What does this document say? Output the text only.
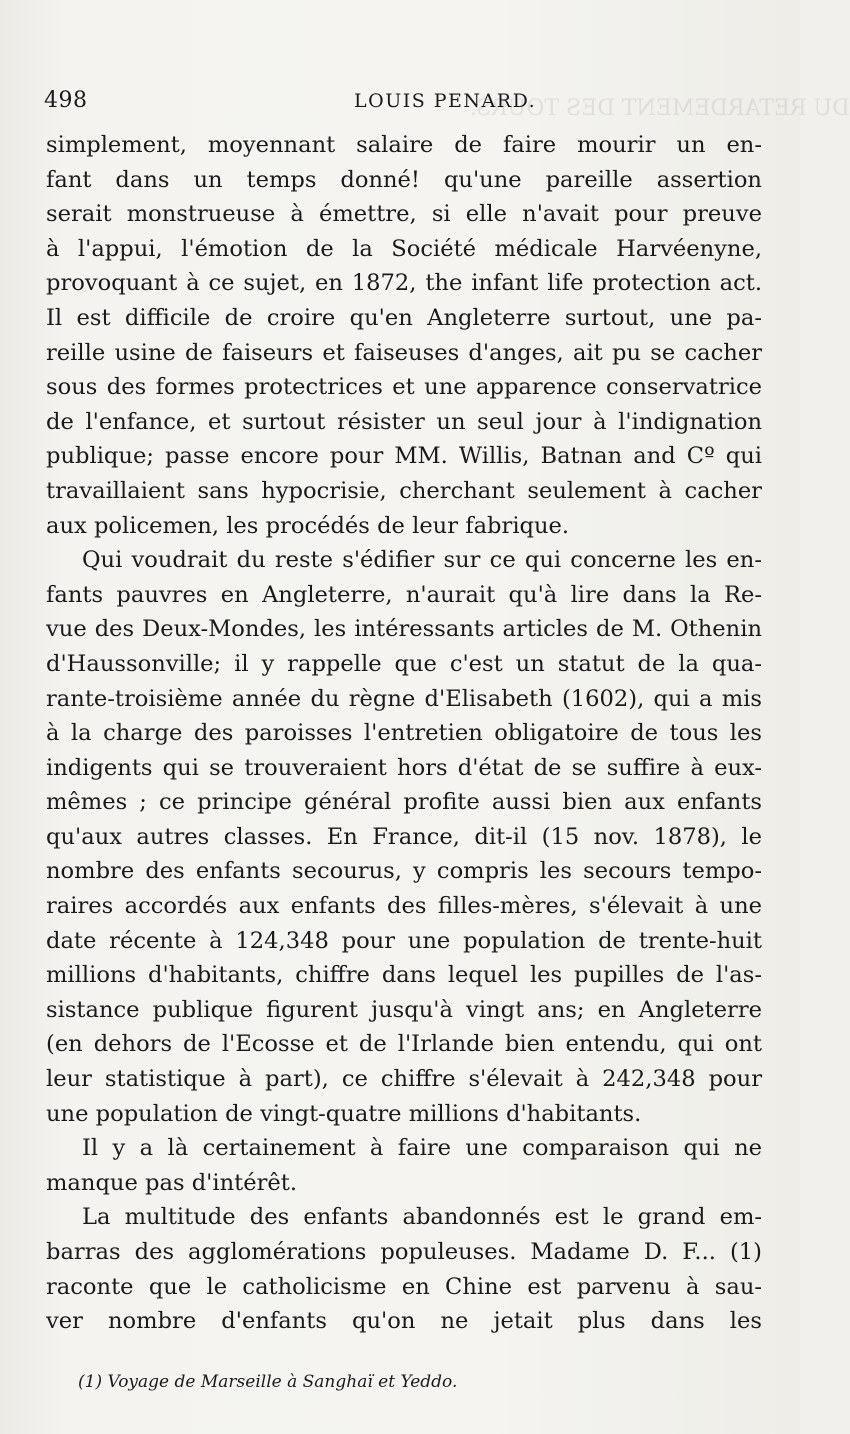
DU RETARDEMENT DES TOURS.
498	LOUIS PENARD.
simplement, moyennant salaire de faire mourir un en-
fant dans un temps donné! qu'une pareille assertion
serait monstrueuse à émettre, si elle n'avait pour preuve
à l'appui, l'émotion de la Société médicale Harvéenyne,
provoquant à ce sujet, en 1872, the infant life protection act.
Il est difficile de croire qu'en Angleterre surtout, une pa-
reille usine de faiseurs et faiseuses d'anges, ait pu se cacher
sous des formes protectrices et une apparence conservatrice
de l'enfance, et surtout résister un seul jour à l'indignation
publique; passe encore pour MM. Willis, Batnan and Cº qui
travaillaient sans hypocrisie, cherchant seulement à cacher
aux policemen, les procédés de leur fabrique.
Qui voudrait du reste s'édifier sur ce qui concerne les en-
fants pauvres en Angleterre, n'aurait qu'à lire dans la Re-
vue des Deux-Mondes, les intéressants articles de M. Othenin
d'Haussonville; il y rappelle que c'est un statut de la qua-
rante-troisième année du règne d'Elisabeth (1602), qui a mis
à la charge des paroisses l'entretien obligatoire de tous les
indigents qui se trouveraient hors d'état de se suffire à eux-
mêmes ; ce principe général profite aussi bien aux enfants
qu'aux autres classes. En France, dit-il (15 nov. 1878), le
nombre des enfants secourus, y compris les secours tempo-
raires accordés aux enfants des filles-mères, s'élevait à une
date récente à 124,348 pour une population de trente-huit
millions d'habitants, chiffre dans lequel les pupilles de l'as-
sistance publique figurent jusqu'à vingt ans; en Angleterre
(en dehors de l'Ecosse et de l'Irlande bien entendu, qui ont
leur statistique à part), ce chiffre s'élevait à 242,348 pour
une population de vingt-quatre millions d'habitants.
Il y a là certainement à faire une comparaison qui ne
manque pas d'intérêt.
La multitude des enfants abandonnés est le grand em-
barras des agglomérations populeuses. Madame D. F... (1)
raconte que le catholicisme en Chine est parvenu à sau-
ver nombre d'enfants qu'on ne jetait plus dans les
(1) Voyage de Marseille à Sanghaï et Yeddo.
